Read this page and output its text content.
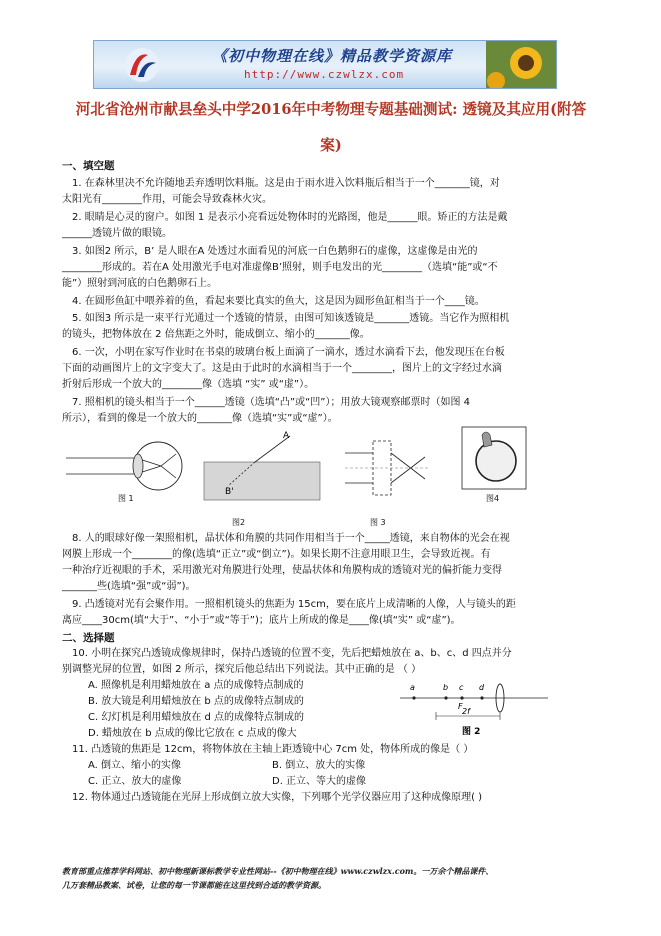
《初中物理在线》精品教学资源库
http://www.czwlzx.com
河北省沧州市献县垒头中学2016年中考物理专题基础测试: 透镜及其应用(附答案)
一、填空题
1. 在森林里决不允许随地丢弃透明饮料瓶。这是由于雨水进入饮料瓶后相当于一个_______镜，对
太阳光有________作用，可能会导致森林火灾。
2. 眼睛是心灵的窗户。如图 1 是表示小亮看远处物体时的光路图，他是______眼。矫正的方法是戴
______透镜片做的眼镜。
3. 如图2 所示，B’ 是人眼在A 处透过水面看见的河底一白色鹅卵石的虚像，这虚像是由光的
________形成的。若在A 处用激光手电对准虚像B’照射，则手电发出的光________（选填“能”或“不
能”）照射到河底的白色鹅卵石上。
4. 在圆形鱼缸中喂养着的鱼，看起来要比真实的鱼大，这是因为圆形鱼缸相当于一个____镜。
5. 如图3 所示是一束平行光通过一个透镜的情景，由图可知该透镜是_______透镜。当它作为照相机
的镜头，把物体放在 2 倍焦距之外时，能成倒立、缩小的_______像。
6. 一次，小明在家写作业时在书桌的玻璃台板上面滴了一滴水，透过水滴看下去，他发现压在台板
下面的动画图片上的文字变大了。这是由于此时的水滴相当于一个________，图片上的文字经过水滴
折射后形成一个放大的________像（选填 “实” 或“虚”）。
7. 照相机的镜头相当于一个______透镜（选填“凸”或“凹”）；用放大镜观察邮票时（如图 4
所示），看到的像是一个放大的_______像（选填“实”或“虚”）。
图 1
A
B'
图2	图 3
图4
8. 人的眼球好像一架照相机，晶状体和角膜的共同作用相当于一个_____透镜，来自物体的光会在视
网膜上形成一个________的像(选填“正立”或“倒立”)。如果长期不注意用眼卫生，会导致近视。有
一种治疗近视眼的手术，采用激光对角膜进行处理，使晶状体和角膜构成的透镜对光的偏折能力变得
_______些(选填“强”或“弱”)。
9. 凸透镜对光有会聚作用。一照相机镜头的焦距为 15cm，要在底片上成清晰的人像，人与镜头的距
离应____30cm(填“大于”、“小于”或“等于”)；底片上所成的像是____像(填“实” 或“虚”)。
二、选择题
10. 小明在探究凸透镜成像规律时，保持凸透镜的位置不变，先后把蜡烛放在 a、b、c、d 四点并分
别调整光屏的位置，如图 2 所示，探究后他总结出下列说法。其中正确的是 （ ）
A. 照像机是利用蜡烛放在 a 点的成像特点制成的
B. 放大镜是利用蜡烛放在 b 点的成像特点制成的
C. 幻灯机是利用蜡烛放在 d 点的成像特点制成的
D. 蜡烛放在 b 点成的像比它放在 c 点成的像大
a	b c d
F
2f
图 2
11. 凸透镜的焦距是 12cm，将物体放在主轴上距透镜中心 7cm 处，物体所成的像是（ ）
A. 倒立、缩小的实像	B. 倒立、放大的实像
C. 正立、放大的虚像	D. 正立、等大的虚像
12. 物体通过凸透镜能在光屏上形成倒立放大实像，下列哪个光学仪器应用了这种成像原理( )
教育部重点推荐学科网站、初中物理新课标教学专业性网站--《初中物理在线》www.czwlzx.com。一万余个精品课件、
几万套精品教案、试卷，让您的每一节课都能在这里找到合适的教学资源。
